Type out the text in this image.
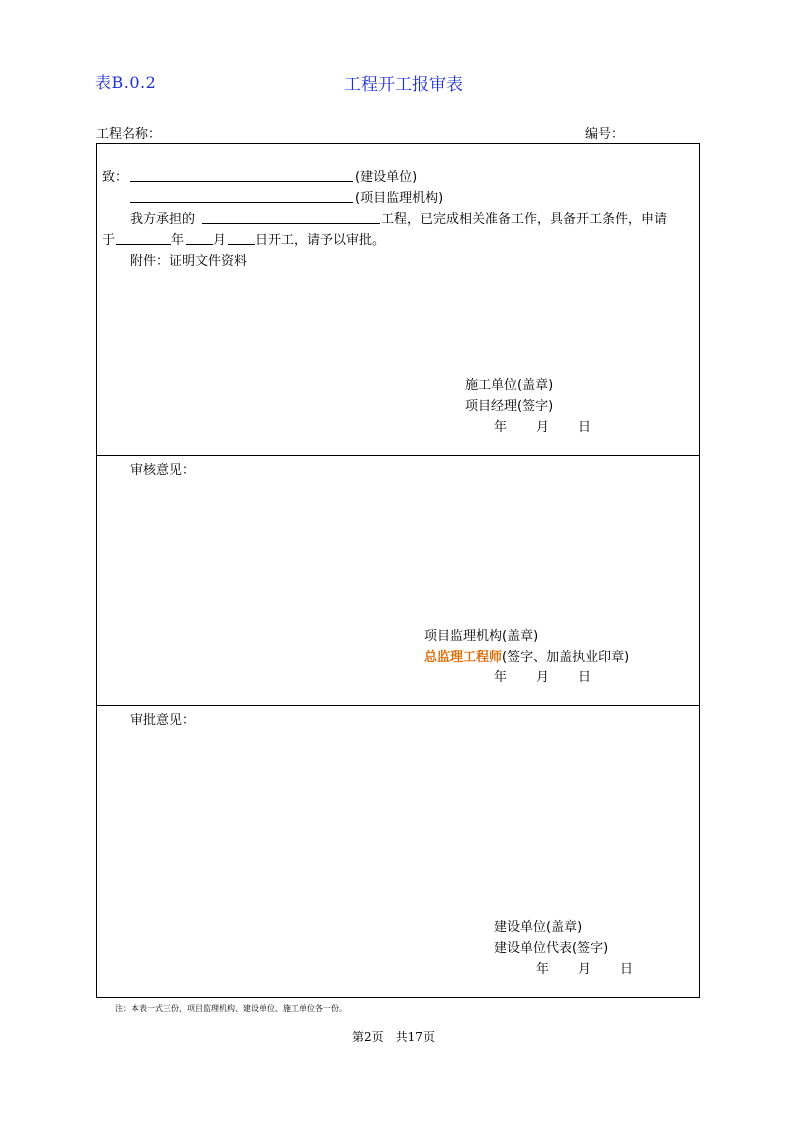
表B.0.2	工程开工报审表
工程名称：	编号：
致：	(建设单位)
(项目监理机构)
我方承担的	工程，已完成相关准备工作，具备开工条件，申请
于	年 月 日开工，请予以审批。
附件：证明文件资料
施工单位(盖章)
项目经理(签字)
年 月 日
审核意见：
项目监理机构(盖章)
总监理工程师(签字、加盖执业印章)
年 月 日
审批意见：
建设单位(盖章)
建设单位代表(签字)
年 月 日
注：本表一式三份，项目监理机构、建设单位、施工单位各一份。
第2页　共17页
